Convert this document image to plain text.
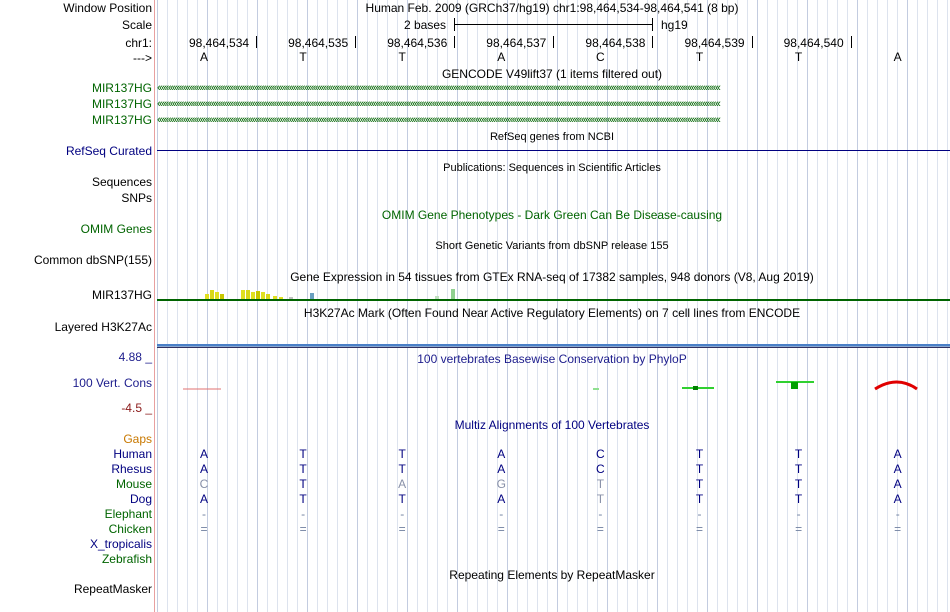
Window Position	Human Feb. 2009 (GRCh37/hg19) chr1:98,464,534-98,464,541 (8 bp)
Scale	2 bases	hg19
chr1:	98,464,534	98,464,535	98,464,536	98,464,537	98,464,538	98,464,539	98,464,540
--->	A	T	T	A	C	T	T	A
GENCODE V49lift37 (1 items filtered out)
MIR137HG
MIR137HG
MIR137HG
‹‹‹‹‹‹‹‹‹‹‹‹‹‹‹‹‹‹‹‹‹‹‹‹‹‹‹‹‹‹‹‹‹‹‹‹‹‹‹‹‹‹‹‹‹‹‹‹‹‹‹‹‹‹‹‹‹‹‹‹‹‹‹‹‹‹‹‹‹‹‹‹‹‹‹‹‹‹‹‹‹‹‹‹‹‹‹‹‹‹‹‹‹‹‹‹‹‹‹‹‹‹‹‹‹‹‹‹‹‹‹‹‹‹‹‹‹‹‹‹‹‹‹‹‹‹‹‹‹‹‹‹‹‹‹‹‹‹‹‹‹‹‹‹‹‹‹‹‹‹‹‹‹‹‹‹‹‹‹‹‹‹‹‹‹‹‹‹‹‹‹‹‹‹‹‹‹‹‹‹‹‹‹‹‹‹‹‹‹‹‹‹‹‹‹‹‹‹‹‹‹‹‹‹‹‹‹‹‹‹‹‹‹‹‹‹‹‹‹‹‹‹‹‹‹‹‹‹‹‹‹‹‹‹‹‹‹‹‹‹‹‹‹‹‹‹‹‹‹‹‹‹‹‹‹‹‹‹‹‹
‹‹‹‹‹‹‹‹‹‹‹‹‹‹‹‹‹‹‹‹‹‹‹‹‹‹‹‹‹‹‹‹‹‹‹‹‹‹‹‹‹‹‹‹‹‹‹‹‹‹‹‹‹‹‹‹‹‹‹‹‹‹‹‹‹‹‹‹‹‹‹‹‹‹‹‹‹‹‹‹‹‹‹‹‹‹‹‹‹‹‹‹‹‹‹‹‹‹‹‹‹‹‹‹‹‹‹‹‹‹‹‹‹‹‹‹‹‹‹‹‹‹‹‹‹‹‹‹‹‹‹‹‹‹‹‹‹‹‹‹‹‹‹‹‹‹‹‹‹‹‹‹‹‹‹‹‹‹‹‹‹‹‹‹‹‹‹‹‹‹‹‹‹‹‹‹‹‹‹‹‹‹‹‹‹‹‹‹‹‹‹‹‹‹‹‹‹‹‹‹‹‹‹‹‹‹‹‹‹‹‹‹‹‹‹‹‹‹‹‹‹‹‹‹‹‹‹‹‹‹‹‹‹‹‹‹‹‹‹‹‹‹‹‹‹‹‹‹‹‹‹‹‹‹‹‹‹‹‹‹
‹‹‹‹‹‹‹‹‹‹‹‹‹‹‹‹‹‹‹‹‹‹‹‹‹‹‹‹‹‹‹‹‹‹‹‹‹‹‹‹‹‹‹‹‹‹‹‹‹‹‹‹‹‹‹‹‹‹‹‹‹‹‹‹‹‹‹‹‹‹‹‹‹‹‹‹‹‹‹‹‹‹‹‹‹‹‹‹‹‹‹‹‹‹‹‹‹‹‹‹‹‹‹‹‹‹‹‹‹‹‹‹‹‹‹‹‹‹‹‹‹‹‹‹‹‹‹‹‹‹‹‹‹‹‹‹‹‹‹‹‹‹‹‹‹‹‹‹‹‹‹‹‹‹‹‹‹‹‹‹‹‹‹‹‹‹‹‹‹‹‹‹‹‹‹‹‹‹‹‹‹‹‹‹‹‹‹‹‹‹‹‹‹‹‹‹‹‹‹‹‹‹‹‹‹‹‹‹‹‹‹‹‹‹‹‹‹‹‹‹‹‹‹‹‹‹‹‹‹‹‹‹‹‹‹‹‹‹‹‹‹‹‹‹‹‹‹‹‹‹‹‹‹‹‹‹‹‹‹‹
RefSeq genes from NCBI
RefSeq Curated
Publications: Sequences in Scientific Articles
Sequences
SNPs
OMIM Gene Phenotypes - Dark Green Can Be Disease-causing
OMIM Genes
Short Genetic Variants from dbSNP release 155
Common dbSNP(155)
Gene Expression in 54 tissues from GTEx RNA-seq of 17382 samples, 948 donors (V8, Aug 2019)
MIR137HG
H3K27Ac Mark (Often Found Near Active Regulatory Elements) on 7 cell lines from ENCODE
Layered H3K27Ac
4.88 _	100 vertebrates Basewise Conservation by PhyloP
100 Vert. Cons
-4.5 _
Multiz Alignments of 100 Vertebrates
Gaps
Human	A	T	T	A	C	T	T	A
Rhesus	A	T	T	A	C	T	T	A
Mouse	C	T	A	G	T	T	T	A
Dog	A	T	T	A	T	T	T	A
Elephant	-	-	-	-	-	-	-	-
Chicken	=	=	=	=	=	=	=	=
X_tropicalis
Zebrafish
Repeating Elements by RepeatMasker
RepeatMasker
